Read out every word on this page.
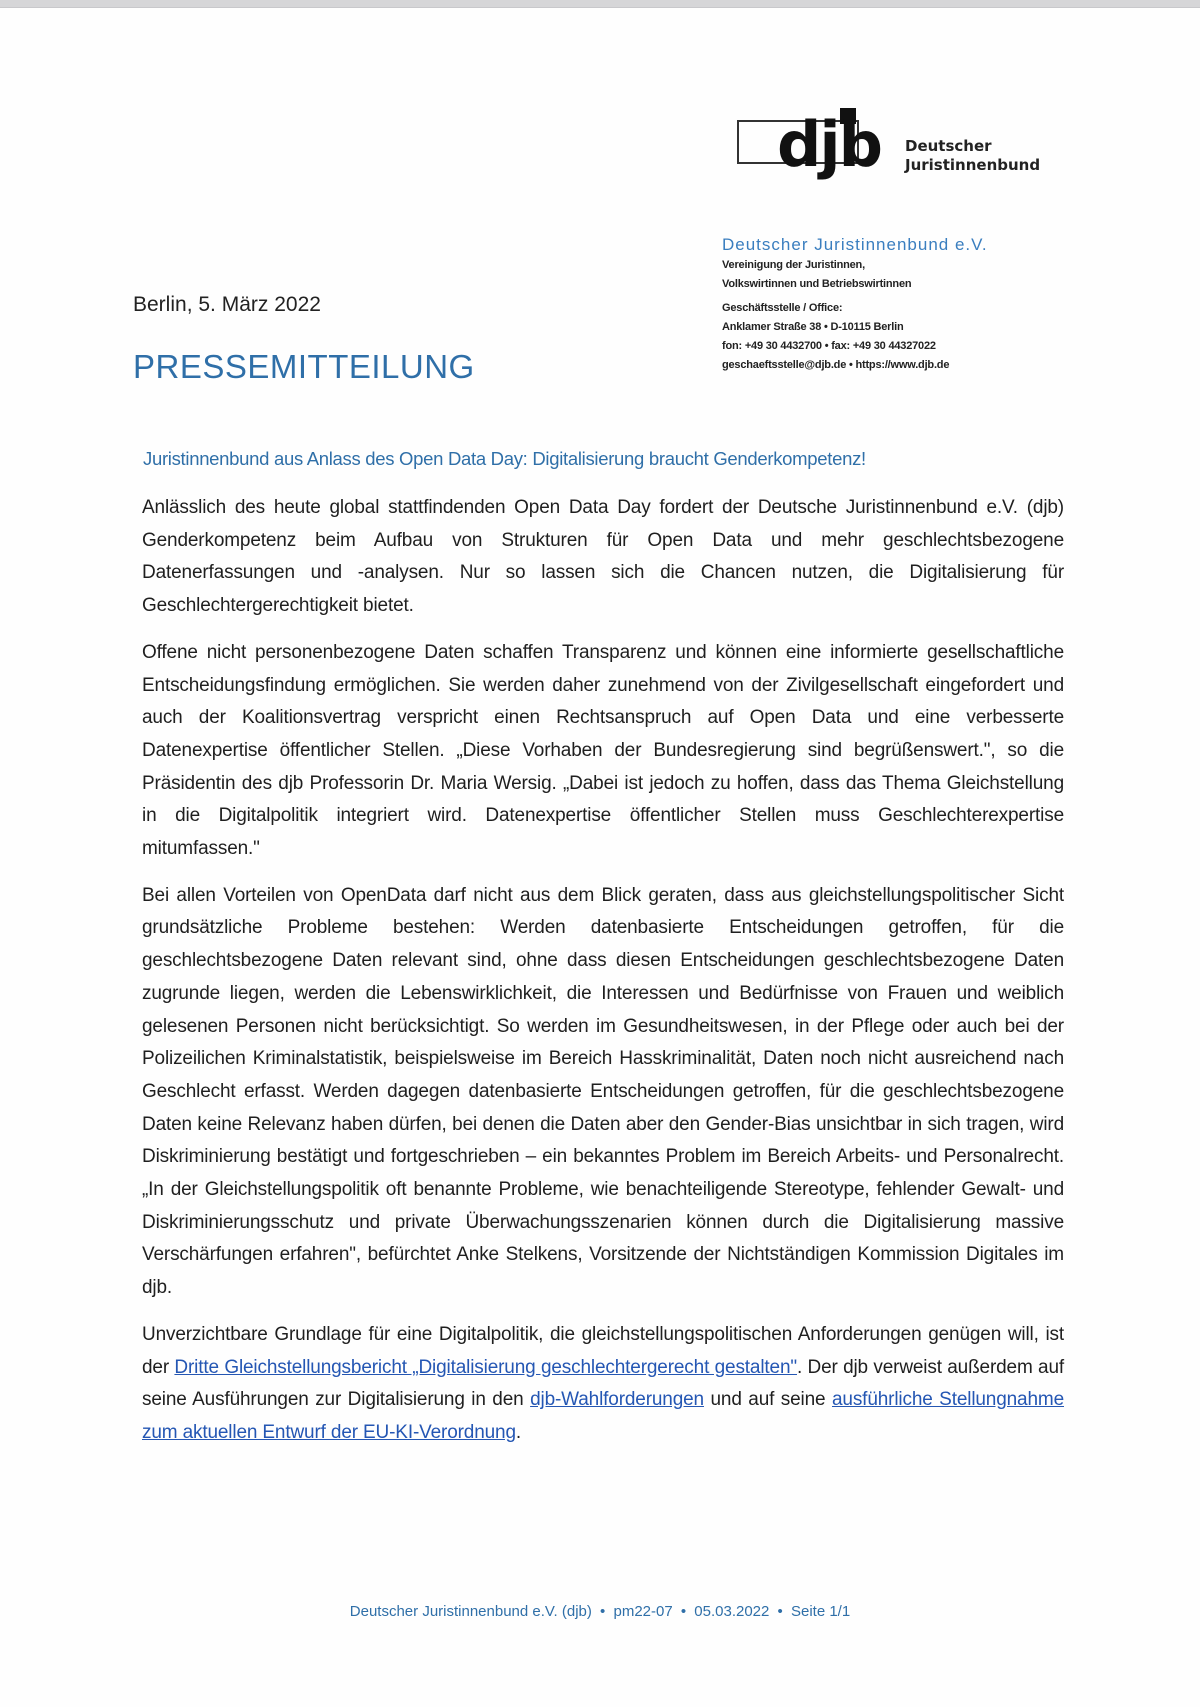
djb Deutscher
Juristinnenbund
Deutscher Juristinnenbund e.V.
Vereinigung der Juristinnen,
Volkswirtinnen und Betriebswirtinnen
Geschäftsstelle / Office:
Anklamer Straße 38 • D-10115 Berlin
fon: +49 30 4432700 • fax: +49 30 44327022
geschaeftsstelle@djb.de • https://www.djb.de
Berlin, 5. März 2022
PRESSEMITTEILUNG
Juristinnenbund aus Anlass des Open Data Day: Digitalisierung braucht Genderkompetenz!

Anlässlich des heute global stattfindenden Open Data Day fordert der Deutsche Juristinnenbund e.V. (djb) Genderkompetenz beim Aufbau von Strukturen für Open Data und mehr geschlechtsbezogene Datenerfassungen und -analysen. Nur so lassen sich die Chancen nutzen, die Digitalisierung für Geschlechtergerechtigkeit bietet.

Offene nicht personenbezogene Daten schaffen Transparenz und können eine informierte gesellschaftliche Entscheidungsfindung ermöglichen. Sie werden daher zunehmend von der Zivilgesellschaft eingefordert und auch der Koalitionsvertrag verspricht einen Rechtsanspruch auf Open Data und eine verbesserte Datenexpertise öffentlicher Stellen. „Diese Vorhaben der Bundesregierung sind begrüßenswert.", so die Präsidentin des djb Professorin Dr. Maria Wersig. „Dabei ist jedoch zu hoffen, dass das Thema Gleichstellung in die Digitalpolitik integriert wird. Datenexpertise öffentlicher Stellen muss Geschlechterexpertise mitumfassen."

Bei allen Vorteilen von OpenData darf nicht aus dem Blick geraten, dass aus gleichstellungspolitischer Sicht grundsätzliche Probleme bestehen: Werden datenbasierte Entscheidungen getroffen, für die geschlechtsbezogene Daten relevant sind, ohne dass diesen Entscheidungen geschlechtsbezogene Daten zugrunde liegen, werden die Lebenswirklichkeit, die Interessen und Bedürfnisse von Frauen und weiblich gelesenen Personen nicht berücksichtigt. So werden im Gesundheitswesen, in der Pflege oder auch bei der Polizeilichen Kriminalstatistik, beispielsweise im Bereich Hasskriminalität, Daten noch nicht ausreichend nach Geschlecht erfasst. Werden dagegen datenbasierte Entscheidungen getroffen, für die geschlechtsbezogene Daten keine Relevanz haben dürfen, bei denen die Daten aber den Gender-Bias unsichtbar in sich tragen, wird Diskriminierung bestätigt und fortgeschrieben – ein bekanntes Problem im Bereich Arbeits- und Personalrecht. „In der Gleichstellungspolitik oft benannte Probleme, wie benachteiligende Stereotype, fehlender Gewalt- und Diskriminierungsschutz und private Überwachungsszenarien können durch die Digitalisierung massive Verschärfungen erfahren", befürchtet Anke Stelkens, Vorsitzende der Nichtständigen Kommission Digitales im djb.

Unverzichtbare Grundlage für eine Digitalpolitik, die gleichstellungspolitischen Anforderungen genügen will, ist der Dritte Gleichstellungsbericht „Digitalisierung geschlechtergerecht gestalten". Der djb verweist außerdem auf seine Ausführungen zur Digitalisierung in den djb-Wahlforderungen und auf seine ausführliche Stellungnahme zum aktuellen Entwurf der EU-KI-Verordnung.

Deutscher Juristinnenbund e.V. (djb) • pm22-07 • 05.03.2022 • Seite 1/1
